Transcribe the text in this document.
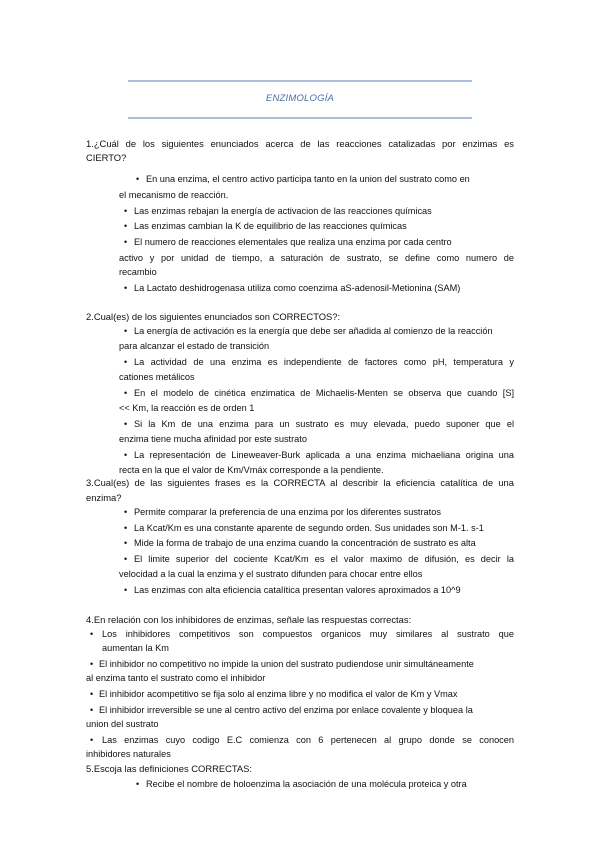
ENZIMOLOGÍA
1.¿Cuál de los siguientes enunciados acerca de las reacciones catalizadas por enzimas es
CIERTO?
• En una enzima, el centro activo participa tanto en la union del sustrato como en
el mecanismo de reacción.
• Las enzimas rebajan la energía de activacion de las reacciones químicas
• Las enzimas cambian la K de equilibrio de las reacciones químicas
• El numero de reacciones elementales que realiza una enzima por cada centro
activo y por unidad de tiempo, a saturación de sustrato, se define como numero de
recambio
• La Lactato deshidrogenasa utiliza como coenzima aS-adenosil-Metionina (SAM)
2.Cual(es) de los siguientes enunciados son CORRECTOS?:
• La energía de activación es la energía que debe ser añadida al comienzo de la reacción
para alcanzar el estado de transición
• La actividad de una enzima es independiente de factores como pH, temperatura y
cationes metálicos
• En el modelo de cinética enzimatica de Michaelis-Menten se observa que cuando [S]
<< Km, la reacción es de orden 1
• Si la Km de una enzima para un sustrato es muy elevada, puedo suponer que el
enzima tiene mucha afinidad por este sustrato
• La representación de Lineweaver-Burk aplicada a una enzima michaeliana origina una
recta en la que el valor de Km/Vmáx corresponde a la pendiente.
3.Cual(es) de las siguientes frases es la CORRECTA al describir la eficiencia catalítica de una
enzima?
• Permite comparar la preferencia de una enzima por los diferentes sustratos
• La Kcat/Km es una constante aparente de segundo orden. Sus unidades son M-1. s-1
• Mide la forma de trabajo de una enzima cuando la concentración de sustrato es alta
• El limite superior del cociente Kcat/Km es el valor maximo de difusión, es decir la
velocidad a la cual la enzima y el sustrato difunden para chocar entre ellos
• Las enzimas con alta eficiencia catalítica presentan valores aproximados a 10^9
4.En relación con los inhibidores de enzimas, señale las respuestas correctas:
• Los inhibidores competitivos son compuestos organicos muy similares al sustrato que
aumentan la Km
• El inhibidor no competitivo no impide la union del sustrato pudiendose unir simultáneamente
al enzima tanto el sustrato como el inhibidor
• El inhibidor acompetitivo se fija solo al enzima libre y no modifica el valor de Km y Vmax
• El inhibidor irreversible se une al centro activo del enzima por enlace covalente y bloquea la
union del sustrato
• Las enzimas cuyo codigo E.C comienza con 6 pertenecen al grupo donde se conocen
inhibidores naturales
5.Escoja las definiciones CORRECTAS:
• Recibe el nombre de holoenzima la asociación de una molécula proteica y otra
